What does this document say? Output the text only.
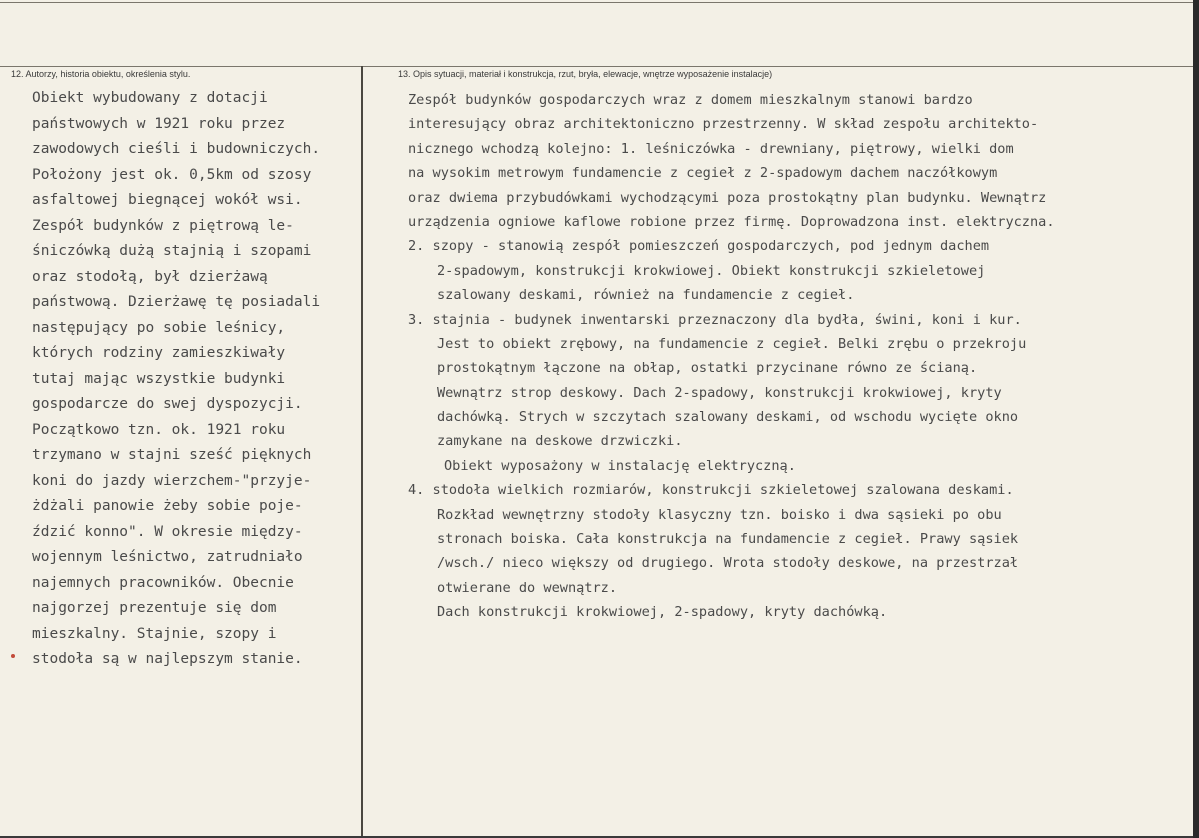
12. Autorzy, historia obiektu, określenia stylu.	13. Opis sytuacji, materiał i konstrukcja, rzut, bryła, elewacje, wnętrze wyposażenie instalacje)
Obiekt wybudowany z dotacji
państwowych w 1921 roku przez
zawodowych cieśli i budowniczych.
Położony jest ok. 0,5km od szosy
asfaltowej biegnącej wokół wsi.
Zespół budynków z piętrową le-
śniczówką dużą stajnią i szopami
oraz stodołą, był dzierżawą
państwową. Dzierżawę tę posiadali
następujący po sobie leśnicy,
których rodziny zamieszkiwały
tutaj mając wszystkie budynki
gospodarcze do swej dyspozycji.
Początkowo tzn. ok. 1921 roku
trzymano w stajni sześć pięknych
koni do jazdy wierzchem-"przyje-
żdżali panowie żeby sobie poje-
ździć konno". W okresie między-
wojennym leśnictwo, zatrudniało
najemnych pracowników. Obecnie
najgorzej prezentuje się dom
mieszkalny. Stajnie, szopy i
stodoła są w najlepszym stanie.
Zespół budynków gospodarczych wraz z domem mieszkalnym stanowi bardzo
interesujący obraz architektoniczno przestrzenny. W skład zespołu architekto-
nicznego wchodzą kolejno: 1. leśniczówka - drewniany, piętrowy, wielki dom
na wysokim metrowym fundamencie z cegieł z 2-spadowym dachem naczółkowym
oraz dwiema przybudówkami wychodzącymi poza prostokątny plan budynku. Wewnątrz
urządzenia ogniowe kaflowe robione przez firmę. Doprowadzona inst. elektryczna.
2. szopy - stanowią zespół pomieszczeń gospodarczych, pod jednym dachem
2-spadowym, konstrukcji krokwiowej. Obiekt konstrukcji szkieletowej
szalowany deskami, również na fundamencie z cegieł.
3. stajnia - budynek inwentarski przeznaczony dla bydła, świni, koni i kur.
Jest to obiekt zrębowy, na fundamencie z cegieł. Belki zrębu o przekroju
prostokątnym łączone na obłap, ostatki przycinane równo ze ścianą.
Wewnątrz strop deskowy. Dach 2-spadowy, konstrukcji krokwiowej, kryty
dachówką. Strych w szczytach szalowany deskami, od wschodu wycięte okno
zamykane na deskowe drzwiczki.
Obiekt wyposażony w instalację elektryczną.
4. stodoła wielkich rozmiarów, konstrukcji szkieletowej szalowana deskami.
Rozkład wewnętrzny stodoły klasyczny tzn. boisko i dwa sąsieki po obu
stronach boiska. Cała konstrukcja na fundamencie z cegieł. Prawy sąsiek
/wsch./ nieco większy od drugiego. Wrota stodoły deskowe, na przestrzał
otwierane do wewnątrz.
Dach konstrukcji krokwiowej, 2-spadowy, kryty dachówką.
